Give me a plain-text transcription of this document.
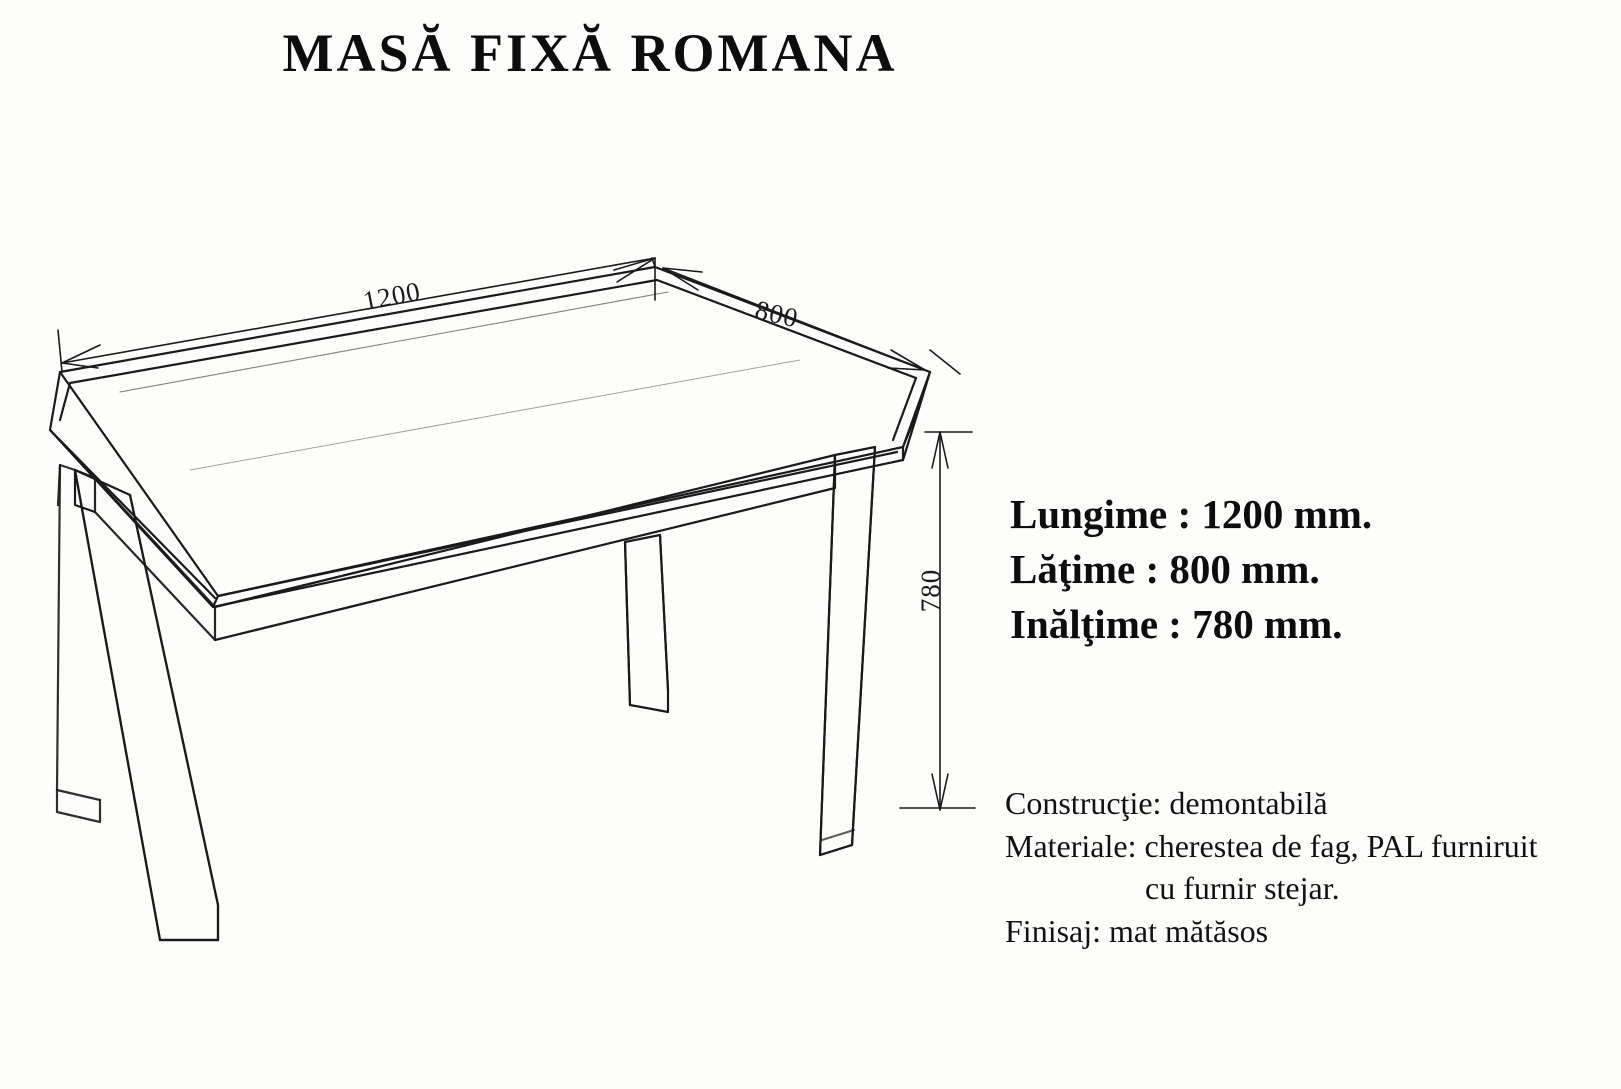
MASĂ FIXĂ ROMANA
1200	800
780
Lungime : 1200 mm.
Lăţime : 800 mm.
Inălţime : 780 mm.
Construcţie: demontabilă
Materiale: cherestea de fag, PAL furniruit
cu furnir stejar.
Finisaj: mat mătăsos
